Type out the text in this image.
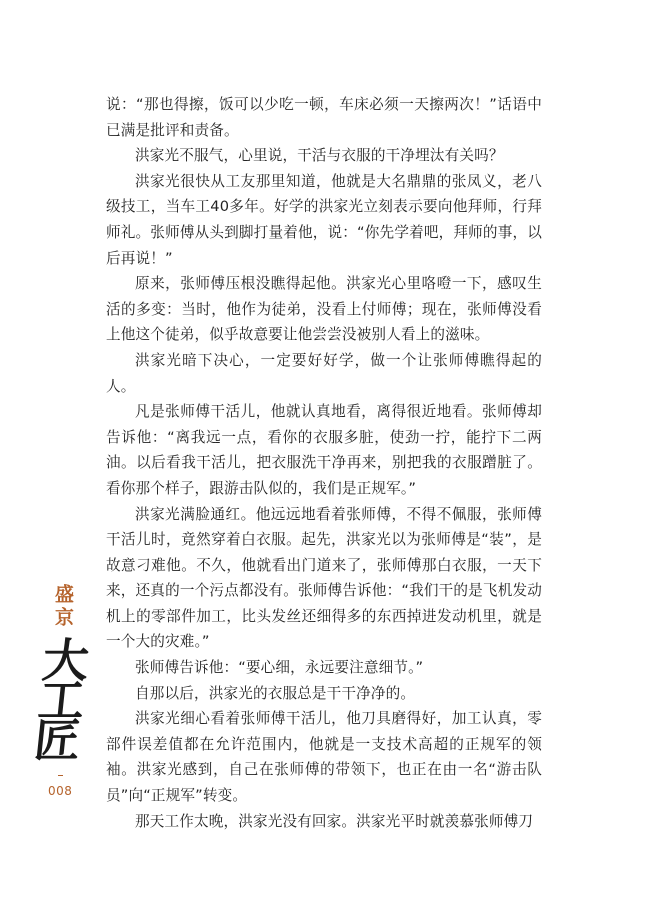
说：“那也得擦，饭可以少吃一顿，车床必须一天擦两次！”话语中已满是批评和责备。

洪家光不服气，心里说，干活与衣服的干净埋汰有关吗？

洪家光很快从工友那里知道，他就是大名鼎鼎的张凤义，老八级技工，当车工40多年。好学的洪家光立刻表示要向他拜师，行拜师礼。张师傅从头到脚打量着他，说：“你先学着吧，拜师的事，以后再说！”

原来，张师傅压根没瞧得起他。洪家光心里咯噔一下，感叹生活的多变：当时，他作为徒弟，没看上付师傅；现在，张师傅没看上他这个徒弟，似乎故意要让他尝尝没被别人看上的滋味。

洪家光暗下决心，一定要好好学，做一个让张师傅瞧得起的人。

凡是张师傅干活儿，他就认真地看，离得很近地看。张师傅却告诉他：“离我远一点，看你的衣服多脏，使劲一拧，能拧下二两油。以后看我干活儿，把衣服洗干净再来，别把我的衣服蹭脏了。看你那个样子，跟游击队似的，我们是正规军。”

洪家光满脸通红。他远远地看着张师傅，不得不佩服，张师傅干活儿时，竟然穿着白衣服。起先，洪家光以为张师傅是“装”，是故意刁难他。不久，他就看出门道来了，张师傅那白衣服，一天下来，还真的一个污点都没有。张师傅告诉他：“我们干的是飞机发动机上的零部件加工，比头发丝还细得多的东西掉进发动机里，就是一个大的灾难。”

张师傅告诉他：“要心细，永远要注意细节。”

自那以后，洪家光的衣服总是干干净净的。

洪家光细心看着张师傅干活儿，他刀具磨得好，加工认真，零部件误差值都在允许范围内，他就是一支技术高超的正规军的领袖。洪家光感到，自己在张师傅的带领下，也正在由一名“游击队员”向“正规军”转变。

那天工作太晚，洪家光没有回家。洪家光平时就羡慕张师傅刀

盛京
大工匠
008
